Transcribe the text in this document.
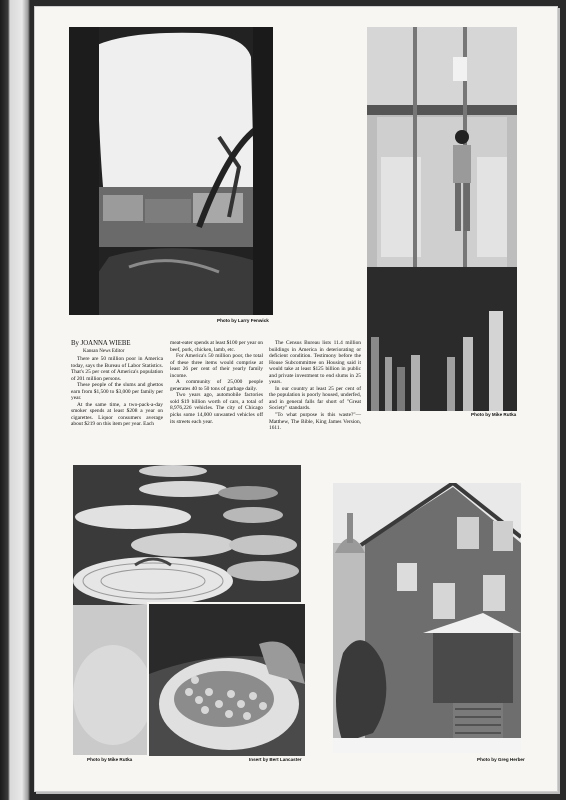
Photo by Larry Fenwick
Photo by Mike Rutka

By JOANNA WIEBE

Kansan News Editor

There are 50 million poor in America today, says the Bureau of Labor Statistics. That's 25 per cent of America's population of 201 million persons.

These people of the slums and ghettos earn from $1,500 to $3,000 per family per year.

At the same time, a two-pack-a-day smoker spends at least $208 a year on cigarettes. Liquor consumers average about $219 on this item per year. Each

meat-eater spends at least $100 per year on beef, pork, chicken, lamb, etc.

For America's 50 million poor, the total of these three items would comprise at least 26 per cent of their yearly family income.

A community of 25,000 people generates 40 to 50 tons of garbage daily.

Two years ago, automobile factories sold $19 billion worth of cars, a total of 8,976,226 vehicles. The city of Chicago picks some 14,000 unwanted vehicles off its streets each year.

The Census Bureau lists 11.4 million buildings in America in deteriorating or deficient condition. Testimony before the House Subcommittee on Housing said it would take at least $125 billion in public and private investment to end slums in 25 years.

In our country at least 25 per cent of the population is poorly housed, underfed, and in general falls far short of "Great Society" standards.

"To what purpose is this waste?"—Matthew, The Bible, King James Version, 1611.

Photo by Mike Rutka	Insert by Bert Lancaster	Photo by Greg Herber
